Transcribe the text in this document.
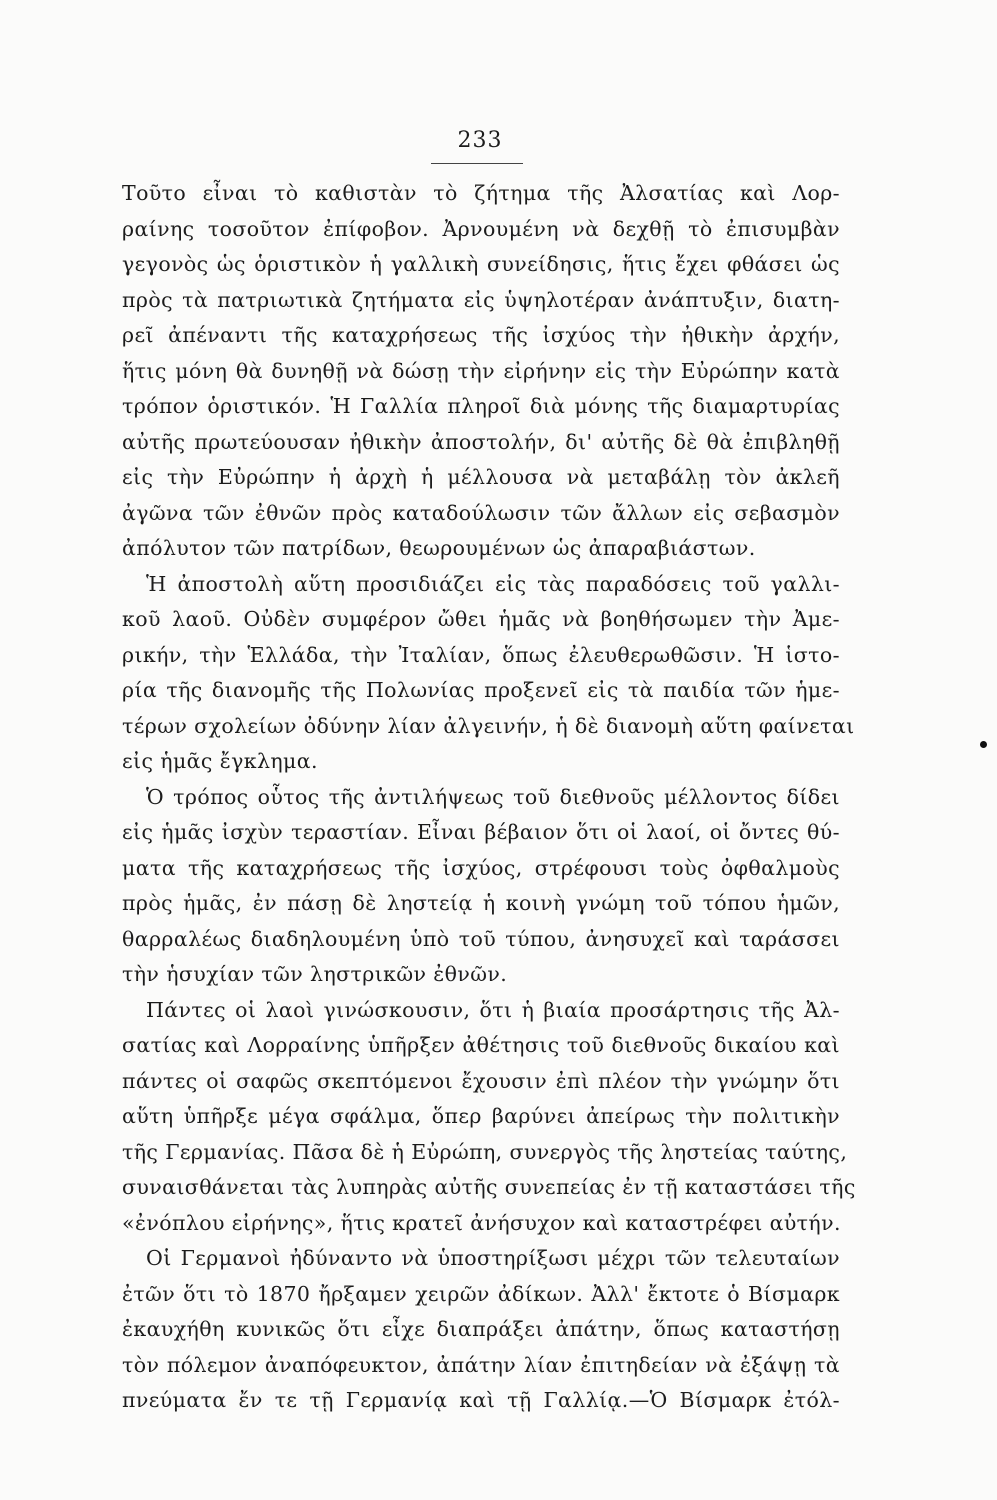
233
Τοῦτο εἶναι τὸ καθιστὰν τὸ ζήτημα τῆς Ἀλσατίας καὶ Λορ-
ραίνης τοσοῦτον ἐπίφοβον. Ἀρνουμένη νὰ δεχθῇ τὸ ἐπισυμβὰν
γεγονὸς ὡς ὁριστικὸν ἡ γαλλικὴ συνείδησις, ἥτις ἔχει φθάσει ὡς
πρὸς τὰ πατριωτικὰ ζητήματα εἰς ὑψηλοτέραν ἀνάπτυξιν, διατη-
ρεῖ ἀπέναντι τῆς καταχρήσεως τῆς ἰσχύος τὴν ἠθικὴν ἀρχήν,
ἥτις μόνη θὰ δυνηθῇ νὰ δώσῃ τὴν εἰρήνην εἰς τὴν Εὐρώπην κατὰ
τρόπον ὁριστικόν. Ἡ Γαλλία πληροῖ διὰ μόνης τῆς διαμαρτυρίας
αὐτῆς πρωτεύουσαν ἠθικὴν ἀποστολήν, δι' αὐτῆς δὲ θὰ ἐπιβληθῇ
εἰς τὴν Εὐρώπην ἡ ἀρχὴ ἡ μέλλουσα νὰ μεταβάλῃ τὸν ἀκλεῆ
ἀγῶνα τῶν ἐθνῶν πρὸς καταδούλωσιν τῶν ἄλλων εἰς σεβασμὸν
ἀπόλυτον τῶν πατρίδων, θεωρουμένων ὡς ἀπαραβιάστων.
Ἡ ἀποστολὴ αὕτη προσιδιάζει εἰς τὰς παραδόσεις τοῦ γαλλι-
κοῦ λαοῦ. Οὐδὲν συμφέρον ὤθει ἡμᾶς νὰ βοηθήσωμεν τὴν Ἀμε-
ρικήν, τὴν Ἑλλάδα, τὴν Ἰταλίαν, ὅπως ἐλευθερωθῶσιν. Ἡ ἱστο-
ρία τῆς διανομῆς τῆς Πολωνίας προξενεῖ εἰς τὰ παιδία τῶν ἡμε-
τέρων σχολείων ὀδύνην λίαν ἀλγεινήν, ἡ δὲ διανομὴ αὕτη φαίνεται
εἰς ἡμᾶς ἔγκλημα.
Ὁ τρόπος οὗτος τῆς ἀντιλήψεως τοῦ διεθνοῦς μέλλοντος δίδει
εἰς ἡμᾶς ἰσχὺν τεραστίαν. Εἶναι βέβαιον ὅτι οἱ λαοί, οἱ ὄντες θύ-
ματα τῆς καταχρήσεως τῆς ἰσχύος, στρέφουσι τοὺς ὀφθαλμοὺς
πρὸς ἡμᾶς, ἐν πάσῃ δὲ ληστείᾳ ἡ κοινὴ γνώμη τοῦ τόπου ἡμῶν,
θαρραλέως διαδηλουμένη ὑπὸ τοῦ τύπου, ἀνησυχεῖ καὶ ταράσσει
τὴν ἡσυχίαν τῶν ληστρικῶν ἐθνῶν.
Πάντες οἱ λαοὶ γινώσκουσιν, ὅτι ἡ βιαία προσάρτησις τῆς Ἀλ-
σατίας καὶ Λορραίνης ὑπῆρξεν ἀθέτησις τοῦ διεθνοῦς δικαίου καὶ
πάντες οἱ σαφῶς σκεπτόμενοι ἔχουσιν ἐπὶ πλέον τὴν γνώμην ὅτι
αὕτη ὑπῆρξε μέγα σφάλμα, ὅπερ βαρύνει ἀπείρως τὴν πολιτικὴν
τῆς Γερμανίας. Πᾶσα δὲ ἡ Εὐρώπη, συνεργὸς τῆς ληστείας ταύτης,
συναισθάνεται τὰς λυπηρὰς αὐτῆς συνεπείας ἐν τῇ καταστάσει τῆς
«ἐνόπλου εἰρήνης», ἥτις κρατεῖ ἀνήσυχον καὶ καταστρέφει αὐτήν.
Οἱ Γερμανοὶ ἠδύναντο νὰ ὑποστηρίξωσι μέχρι τῶν τελευταίων
ἐτῶν ὅτι τὸ 1870 ἤρξαμεν χειρῶν ἀδίκων. Ἀλλ' ἔκτοτε ὁ Βίσμαρκ
ἐκαυχήθη κυνικῶς ὅτι εἶχε διαπράξει ἀπάτην, ὅπως καταστήσῃ
τὸν πόλεμον ἀναπόφευκτον, ἀπάτην λίαν ἐπιτηδείαν νὰ ἐξάψῃ τὰ
πνεύματα ἔν τε τῇ Γερμανίᾳ καὶ τῇ Γαλλίᾳ.—Ὁ Βίσμαρκ ἐτόλ-
